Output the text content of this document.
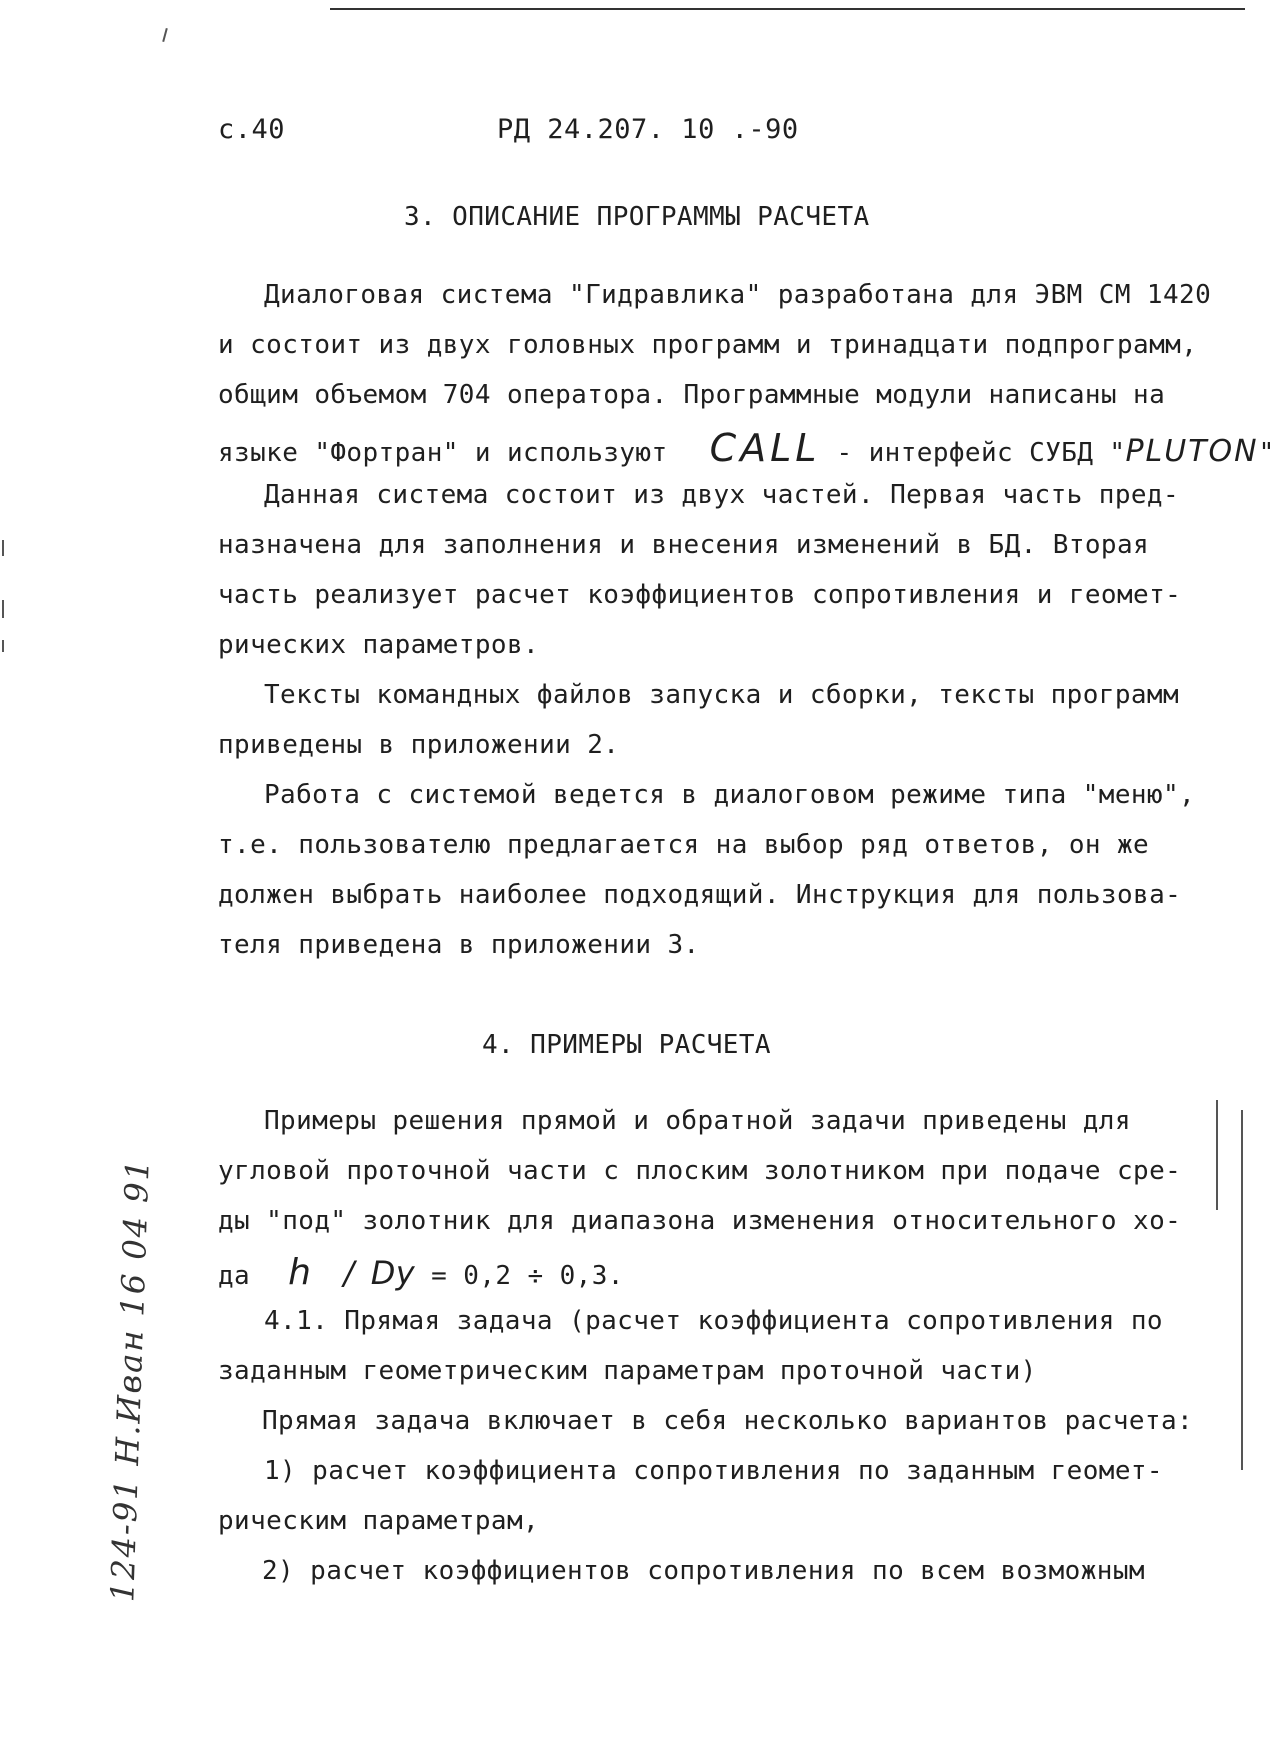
с.40	РД 24.207. 10 .-90
3. ОПИСАНИЕ ПРОГРАММЫ РАСЧЕТА
Диалоговая система "Гидравлика" разработана для ЭВМ СМ 1420
и состоит из двух головных программ и тринадцати подпрограмм,
общим объемом 704 оператора. Программные модули написаны на
языке "Фортран" и используют CALL - интерфейс СУБД "PLUTON"
Данная система состоит из двух частей. Первая часть пред-
назначена для заполнения и внесения изменений в БД. Вторая
часть реализует расчет коэффициентов сопротивления и геомет-
рических параметров.
Тексты командных файлов запуска и сборки, тексты программ
приведены в приложении 2.
Работа с системой ведется в диалоговом режиме типа "меню",
т.е. пользователю предлагается на выбор ряд ответов, он же
должен выбрать наиболее подходящий. Инструкция для пользова-
теля приведена в приложении 3.
4. ПРИМЕРЫ РАСЧЕТА
Примеры решения прямой и обратной задачи приведены для
угловой проточной части с плоским золотником при подаче сре-
ды "под" золотник для диапазона изменения относительного хо-
да h / Dy = 0,2 ÷ 0,3.
4.1. Прямая задача (расчет коэффициента сопротивления по
заданным геометрическим параметрам проточной части)
Прямая задача включает в себя несколько вариантов расчета:
1) расчет коэффициента сопротивления по заданным геомет-
рическим параметрам,
2) расчет коэффициентов сопротивления по всем возможным
124-91 Н.Иван 16 04 91
